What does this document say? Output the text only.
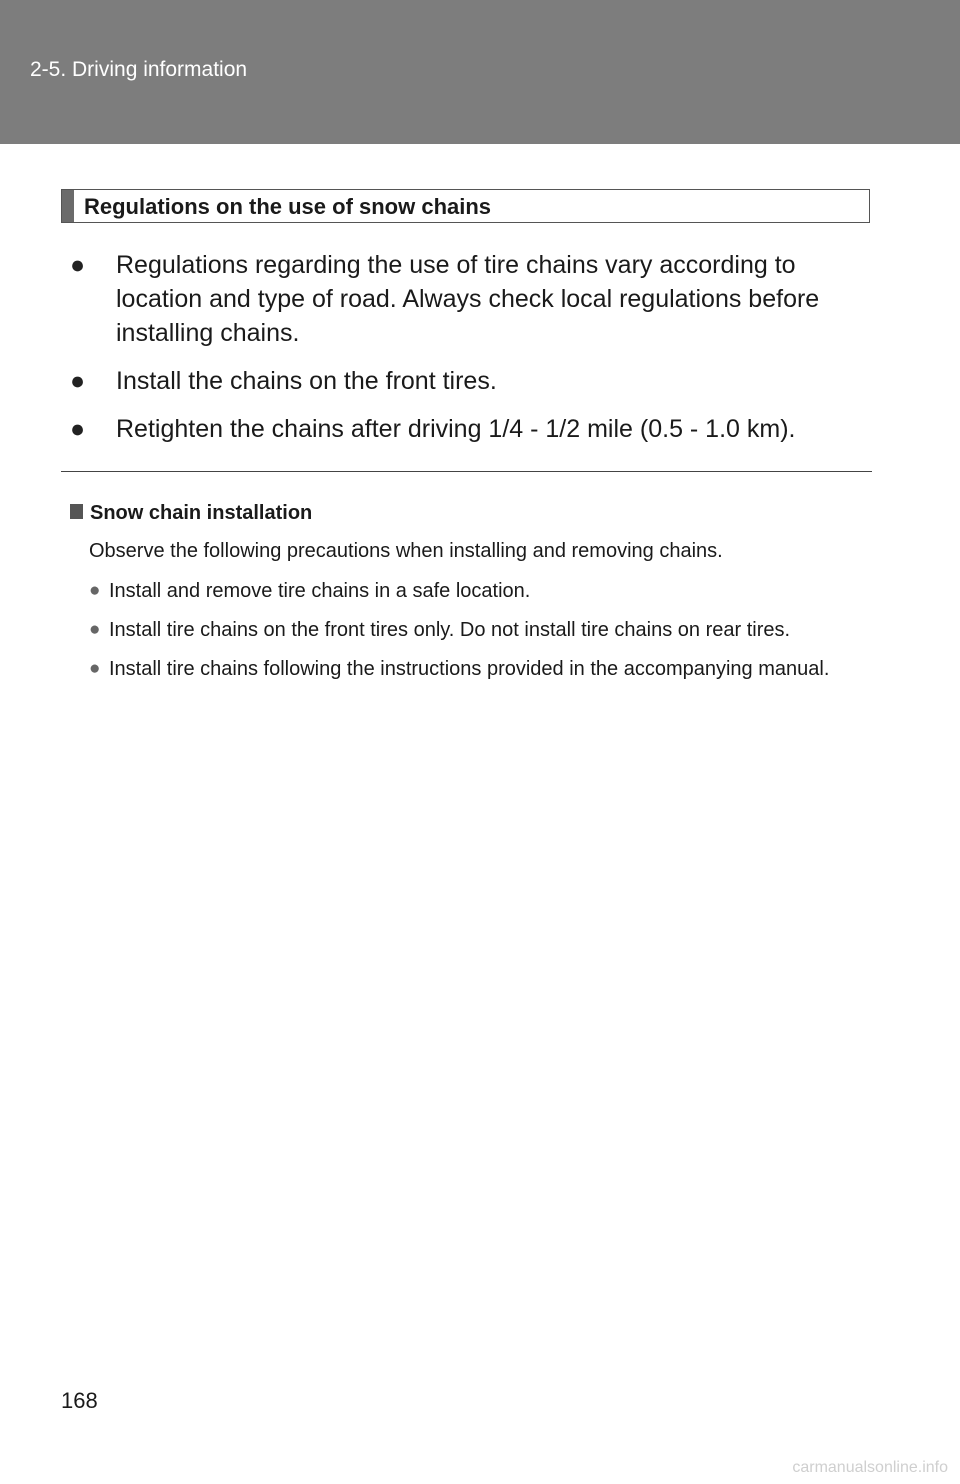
2-5. Driving information
Regulations on the use of snow chains
● Regulations regarding the use of tire chains vary according to location and type of road. Always check local regulations before installing chains.
● Install the chains on the front tires.
● Retighten the chains after driving 1/4 - 1/2 mile (0.5 - 1.0 km).
Snow chain installation
Observe the following precautions when installing and removing chains.
● Install and remove tire chains in a safe location.
● Install tire chains on the front tires only. Do not install tire chains on rear tires.
● Install tire chains following the instructions provided in the accompanying manual.
168
carmanualsonline.info
